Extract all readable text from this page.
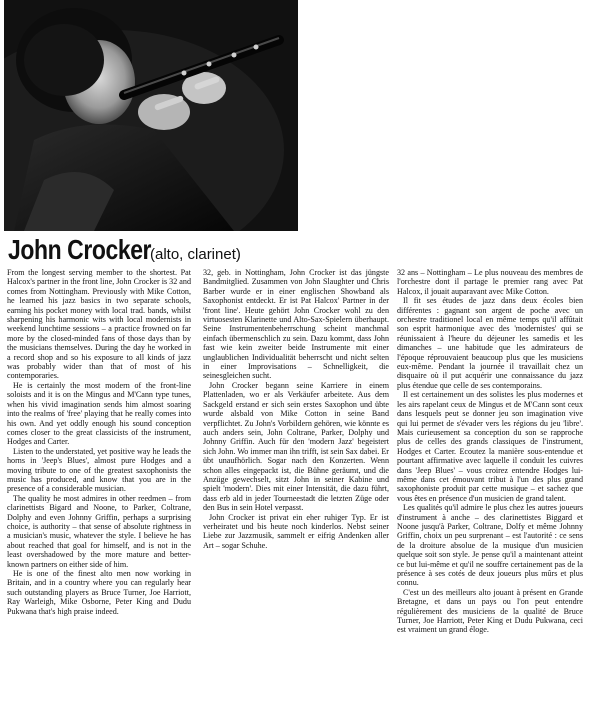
John Crocker
(alto, clarinet)

From the longest serving member to the shortest. Pat Halcox's partner in the front line, John Crocker is 32 and comes from Nottingham. Previously with Mike Cotton, he learned his jazz basics in two separate schools, earning his pocket money with local trad. bands, whilst sharpening his harmonic wits with local modernists in weekend lunchtime sessions – a practice frowned on far more by the closed-minded fans of those days than by the musicians themselves. During the day he worked in a record shop and so his exposure to all kinds of jazz was probably wider than that of most of his contemporaries.

He is certainly the most modern of the front-line soloists and it is on the Mingus and M'Cann type tunes, when his vivid imagination sends him almost soaring into the realms of 'free' playing that he really comes into his own. And yet oddly enough his sound conception comes closer to the great classicists of the instrument, Hodges and Carter.

Listen to the understated, yet positive way he leads the horns in 'Jeep's Blues', almost pure Hodges and a moving tribute to one of the greatest saxophonists the music has produced, and know that you are in the presence of a considerable musician.

The quality he most admires in other reedmen – from clarinettists Bigard and Noone, to Parker, Coltrane, Dolphy and even Johnny Griffin, perhaps a surprising choice, is authority – that sense of absolute rightness in a musician's music, whatever the style. I believe he has about reached that goal for himself, and is not in the least overshadowed by the more mature and better-known partners on either side of him.

He is one of the finest alto men now working in Britain, and in a country where you can regularly hear such outstanding players as Bruce Turner, Joe Harriott, Ray Warleigh, Mike Osborne, Peter King and Dudu Pukwana that's high praise indeed.

32, geb. in Nottingham, John Crocker ist das jüngste Bandmitglied. Zusammen von John Slaughter und Chris Barber wurde er in einer englischen Showband als Saxophonist entdeckt. Er ist Pat Halcox' Partner in der 'front line'. Heute gehört John Crocker wohl zu den virtuosesten Klarinette und Alto-Sax-Spielern überhaupt. Seine Instrumentenbeherrschung scheint manchmal einfach übermenschlich zu sein. Dazu kommt, dass John fast wie kein zweiter beide Instrumente mit einer unglaublichen Individualität beherrscht und nicht selten in einer Improvisations – Schnelligkeit, die seinesgleichen sucht.

John Crocker begann seine Karriere in einem Plattenladen, wo er als Verkäufer arbeitete. Aus dem Sackgeld erstand er sich sein erstes Saxophon und übte wurde alsbald von Mike Cotton in seine Band verpflichtet. Zu John's Vorbildern gehören, wie könnte es auch anders sein, John Coltrane, Parker, Dolphy und Johnny Griffin. Auch für den 'modern Jazz' begeistert sich John. Wo immer man ihn trifft, ist sein Sax dabei. Er übt unaufhörlich. Sogar nach den Konzerten. Wenn schon alles eingepackt ist, die Bühne geräumt, und die Anzüge gewechselt, sitzt John in seiner Kabine und spielt 'modern'. Dies mit einer Intensität, die dazu führt, dass erb ald in jeder Tourneestadt die letzten Züge oder den Bus in sein Hotel verpasst.

John Crocker ist privat ein eher ruhiger Typ. Er ist verheiratet und bis heute noch kinderlos. Nebst seiner Liebe zur Jazzmusik, sammelt er eifrig Andenken aller Art – sogar Schuhe.

32 ans – Nottingham – Le plus nouveau des membres de l'orchestre dont il partage le premier rang avec Pat Halcox, il jouait auparavant avec Mike Cotton.

Il fit ses études de jazz dans deux écoles bien différentes : gagnant son argent de poche avec un orchestre traditionel local en même temps qu'il affûtait son esprit harmonique avec des 'modernistes' qui se réunissaient à l'heure du déjeuner les samedis et les dimanches – une habitude que les admirateurs de l'époque réprouvaient beaucoup plus que les musiciens eux-même. Pendant la journée il travaillait chez un disquaire où il put acquérir une connaissance du jazz plus étendue que celle de ses contemporains.

Il est certainement un des solistes les plus modernes et les airs rapelant ceux de Mingus et de M'Cann sont ceux dans lesquels peut se donner jeu son imagination vive qui lui permet de s'évader vers les régions du jeu 'libre'. Mais curieusement sa conception du son se rapproche plus de celles des grands classiques de l'instrument, Hodges et Carter. Ecoutez la manière sous-entendue et pourtant affirmative avec laquelle il conduit les cuivres dans 'Jeep Blues' – vous croirez entendre Hodges lui-même dans cet émouvant tribut à l'un des plus grand saxophoniste produit par cette musique – et sachez que vous êtes en présence d'un musicien de grand talent.

Les qualités qu'il admire le plus chez les autres joueurs d'instrument à anche – des clarinettistes Biggard et Noone jusqu'à Parker, Coltrane, Dolfy et même Johnny Griffin, choix un peu surprenant – est l'autorité : ce sens de la droiture absolue de la musique d'un musicien quelque soit son style. Je pense qu'il a maintenant atteint ce but lui-même et qu'il ne souffre certainement pas de la présence à ses cotés de deux joueurs plus mûrs et plus connu.

C'est un des meilleurs alto jouant à présent en Grande Bretagne, et dans un pays ou l'on peut entendre régulièrement des musiciens de la qualité de Bruce Turner, Joe Harriott, Peter King et Dudu Pukwana, ceci est vraiment un grand éloge.
